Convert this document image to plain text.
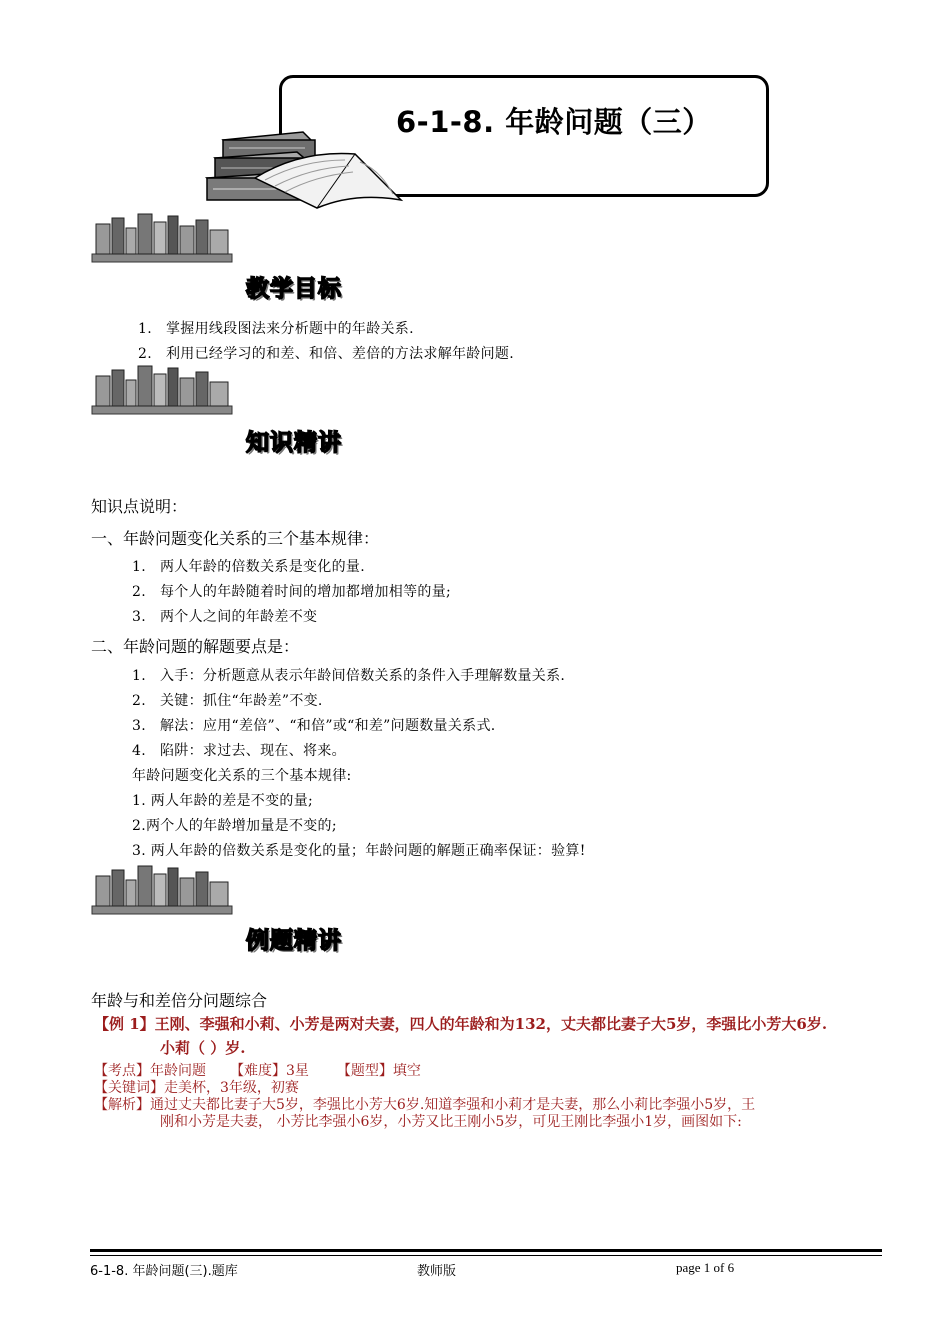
6-1-8. 年龄问题（三）
教学目标
1. 掌握用线段图法来分析题中的年龄关系.
2. 利用已经学习的和差、和倍、差倍的方法求解年龄问题.
知识精讲
知识点说明：
一、年龄问题变化关系的三个基本规律：
1. 两人年龄的倍数关系是变化的量.
2. 每个人的年龄随着时间的增加都增加相等的量;
3. 两个人之间的年龄差不变
二、年龄问题的解题要点是：
1. 入手：分析题意从表示年龄间倍数关系的条件入手理解数量关系.
2. 关键：抓住“年龄差”不变.
3. 解法：应用“差倍”、“和倍”或“和差”问题数量关系式.
4. 陷阱：求过去、现在、将来。
年龄问题变化关系的三个基本规律:
1. 两人年龄的差是不变的量;
2.两个人的年龄增加量是不变的;
3. 两人年龄的倍数关系是变化的量；年龄问题的解题正确率保证：验算!
例题精讲
年龄与和差倍分问题综合
【例 1】王刚、李强和小莉、小芳是两对夫妻，四人的年龄和为132，丈夫都比妻子大5岁，李强比小芳大6岁.
小莉（ ）岁.
【考点】年龄问题 【难度】3星 【题型】填空
【关键词】走美杯，3年级，初赛
【解析】通过丈夫都比妻子大5岁，李强比小芳大6岁.知道李强和小莉才是夫妻，那么小莉比李强小5岁，王
刚和小芳是夫妻， 小芳比李强小6岁，小芳又比王刚小5岁，可见王刚比李强小1岁，画图如下:
6-1-8. 年龄问题(三).题库	教师版	page 1 of 6
